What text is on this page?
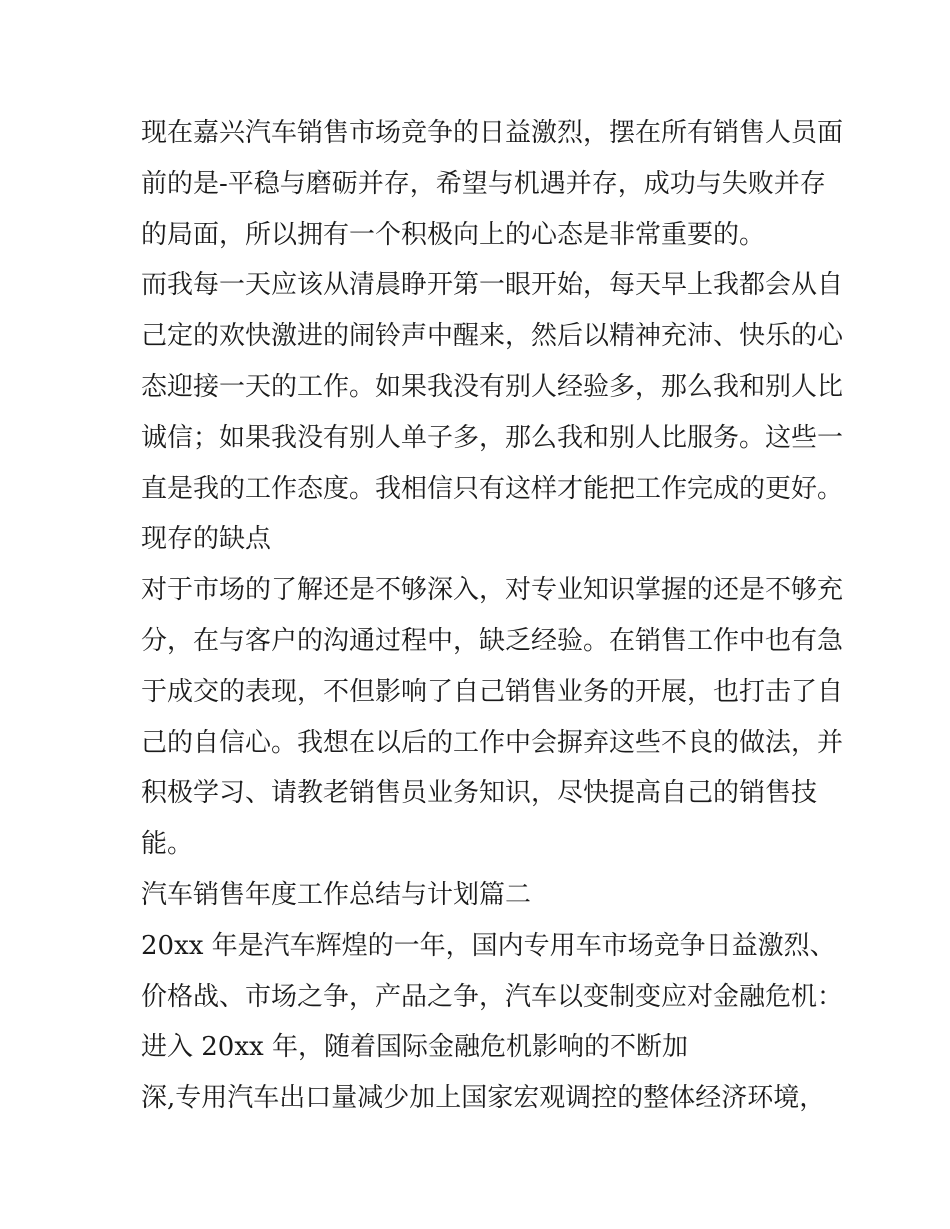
现在嘉兴汽车销售市场竞争的日益激烈，摆在所有销售人员面
前的是-平稳与磨砺并存，希望与机遇并存，成功与失败并存
的局面，所以拥有一个积极向上的心态是非常重要的。
而我每一天应该从清晨睁开第一眼开始，每天早上我都会从自
己定的欢快激进的闹铃声中醒来，然后以精神充沛、快乐的心
态迎接一天的工作。如果我没有别人经验多，那么我和别人比
诚信；如果我没有别人单子多，那么我和别人比服务。这些一
直是我的工作态度。我相信只有这样才能把工作完成的更好。
现存的缺点
对于市场的了解还是不够深入，对专业知识掌握的还是不够充
分，在与客户的沟通过程中，缺乏经验。在销售工作中也有急
于成交的表现，不但影响了自己销售业务的开展，也打击了自
己的自信心。我想在以后的工作中会摒弃这些不良的做法，并
积极学习、请教老销售员业务知识，尽快提高自己的销售技
能。
汽车销售年度工作总结与计划篇二
20xx 年是汽车辉煌的一年，国内专用车市场竞争日益激烈、
价格战、市场之争，产品之争，汽车以变制变应对金融危机：
进入 20xx 年，随着国际金融危机影响的不断加
深,专用汽车出口量减少加上国家宏观调控的整体经济环境，
